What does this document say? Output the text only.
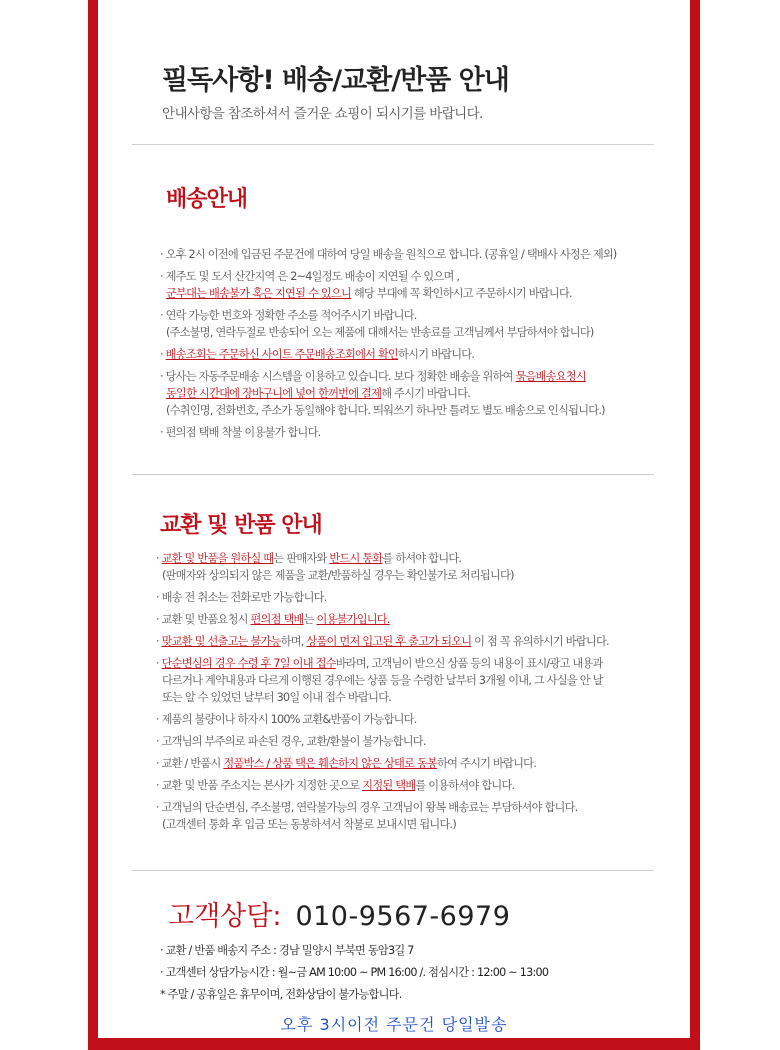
필독사항! 배송/교환/반품 안내
안내사항을 참조하셔서 즐거운 쇼핑이 되시기를 바랍니다.
배송안내
· 오후 2시 이전에 입금된 주문건에 대하여 당일 배송을 원칙으로 합니다. (공휴일 / 택배사 사정은 제외)
· 제주도 및 도서 산간지역 은 2~4일정도 배송이 지연될 수 있으며 ,
군부대는 배송불가 혹은 지연될 수 있으니 해당 부대에 꼭 확인하시고 주문하시기 바랍니다.
· 연락 가능한 번호와 정확한 주소를 적어주시기 바랍니다.
(주소불명, 연락두절로 반송되어 오는 제품에 대해서는 반송료를 고객님께서 부담하셔야 합니다)
· 배송조회는 주문하신 사이트 주문배송조회에서 확인하시기 바랍니다.
· 당사는 자동주문배송 시스템을 이용하고 있습니다. 보다 정확한 배송을 위하여 묶음배송요청시
동일한 시간대에 장바구니에 넣어 한꺼번에 결제해 주시기 바랍니다.
(수취인명, 전화번호, 주소가 동일해야 합니다. 띄워쓰기 하나만 틀려도 별도 배송으로 인식됩니다.)
· 편의점 택배 착불 이용불가 합니다.
교환 및 반품 안내
· 교환 및 반품을 원하실 때는 판매자와 반드시 통화를 하셔야 합니다.
(판매자와 상의되지 않은 제품을 교환/반품하실 경우는 확인불가로 처리됩니다)
· 배송 전 취소는 전화로만 가능합니다.
· 교환 및 반품요청시 편의점 택배는 이용불가입니다.
· 맞교환 및 선출고는 불가능하며, 상품이 먼저 입고된 후 출고가 되오니 이 점 꼭 유의하시기 바랍니다.
· 단순변심의 경우 수령 후 7일 이내 접수바라며, 고객님이 받으신 상품 등의 내용이 표시/광고 내용과
다르거나 계약내용과 다르게 이행된 경우에는 상품 등을 수령한 날부터 3개월 이내, 그 사실을 안 날
또는 알 수 있었던 날부터 30일 이내 접수 바랍니다.
· 제품의 불량이나 하자시 100% 교환&반품이 가능합니다.
· 고객님의 부주의로 파손된 경우, 교환/환불이 불가능합니다.
· 교환 / 반품시 정품박스 / 상품 택은 훼손하지 않은 상태로 동봉하여 주시기 바랍니다.
· 교환 및 반품 주소지는 본사가 지정한 곳으로 지정된 택배를 이용하셔야 합니다.
· 고객님의 단순변심, 주소불명, 연락불가능의 경우 고객님이 왕복 배송료는 부담하셔야 합니다.
(고객센터 통화 후 입금 또는 동봉하셔서 착불로 보내시면 됩니다.)
고객상담: 010-9567-6979
· 교환 / 반품 배송지 주소 : 경남 밀양시 부북면 동암3길 7
· 고객센터 상담가능시간 : 월~금 AM 10:00 ~ PM 16:00 /. 점심시간 : 12:00 ~ 13:00
* 주말 / 공휴일은 휴무이며, 전화상담이 불가능합니다.
오후 3시이전 주문건 당일발송
